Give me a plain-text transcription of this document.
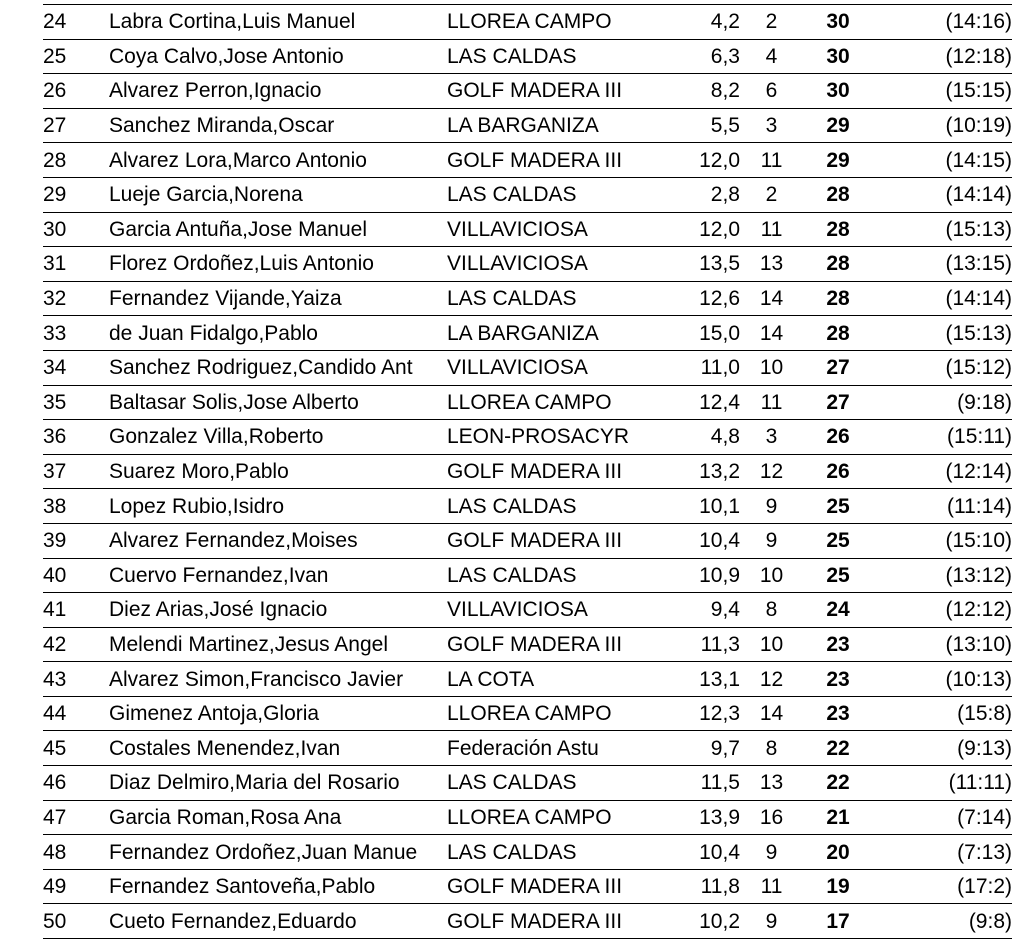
24	Labra Cortina,Luis Manuel	LLOREA CAMPO	4,2	2	30	(14:16)
25	Coya Calvo,Jose Antonio	LAS CALDAS	6,3	4	30	(12:18)
26	Alvarez Perron,Ignacio	GOLF MADERA III	8,2	6	30	(15:15)
27	Sanchez Miranda,Oscar	LA BARGANIZA	5,5	3	29	(10:19)
28	Alvarez Lora,Marco Antonio	GOLF MADERA III	12,0	11	29	(14:15)
29	Lueje Garcia,Norena	LAS CALDAS	2,8	2	28	(14:14)
30	Garcia Antuña,Jose Manuel	VILLAVICIOSA	12,0	11	28	(15:13)
31	Florez Ordoñez,Luis Antonio	VILLAVICIOSA	13,5	13	28	(13:15)
32	Fernandez Vijande,Yaiza	LAS CALDAS	12,6	14	28	(14:14)
33	de Juan Fidalgo,Pablo	LA BARGANIZA	15,0	14	28	(15:13)
34	Sanchez Rodriguez,Candido Ant	VILLAVICIOSA	11,0	10	27	(15:12)
35	Baltasar Solis,Jose Alberto	LLOREA CAMPO	12,4	11	27	(9:18)
36	Gonzalez Villa,Roberto	LEON-PROSACYR	4,8	3	26	(15:11)
37	Suarez Moro,Pablo	GOLF MADERA III	13,2	12	26	(12:14)
38	Lopez Rubio,Isidro	LAS CALDAS	10,1	9	25	(11:14)
39	Alvarez Fernandez,Moises	GOLF MADERA III	10,4	9	25	(15:10)
40	Cuervo Fernandez,Ivan	LAS CALDAS	10,9	10	25	(13:12)
41	Diez Arias,José Ignacio	VILLAVICIOSA	9,4	8	24	(12:12)
42	Melendi Martinez,Jesus Angel	GOLF MADERA III	11,3	10	23	(13:10)
43	Alvarez Simon,Francisco Javier	LA COTA	13,1	12	23	(10:13)
44	Gimenez Antoja,Gloria	LLOREA CAMPO	12,3	14	23	(15:8)
45	Costales Menendez,Ivan	Federación Astu	9,7	8	22	(9:13)
46	Diaz Delmiro,Maria del Rosario	LAS CALDAS	11,5	13	22	(11:11)
47	Garcia Roman,Rosa Ana	LLOREA CAMPO	13,9	16	21	(7:14)
48	Fernandez Ordoñez,Juan Manue	LAS CALDAS	10,4	9	20	(7:13)
49	Fernandez Santoveña,Pablo	GOLF MADERA III	11,8	11	19	(17:2)
50	Cueto Fernandez,Eduardo	GOLF MADERA III	10,2	9	17	(9:8)
